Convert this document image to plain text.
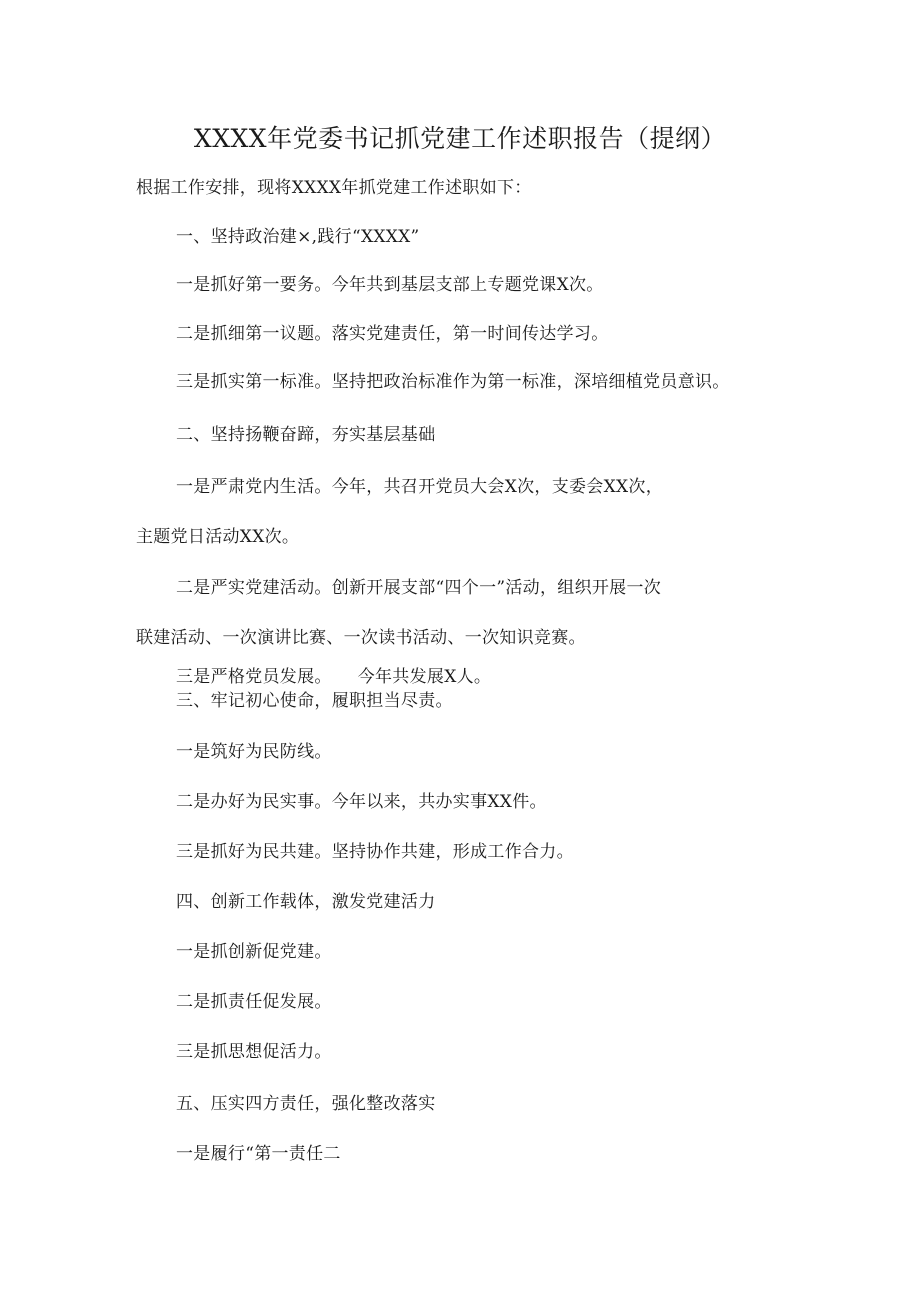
XXXX年党委书记抓党建工作述职报告（提纲）
根据工作安排，现将XXXX年抓党建工作述职如下：
一、坚持政治建×,践行“XXXX”
一是抓好第一要务。今年共到基层支部上专题党课X次。
二是抓细第一议题。落实党建责任，第一时间传达学习。
三是抓实第一标准。坚持把政治标准作为第一标准，深培细植党员意识。
二、坚持扬鞭奋蹄，夯实基层基础
一是严肃党内生活。今年，共召开党员大会X次，支委会XX次，
主题党日活动XX次。
二是严实党建活动。创新开展支部“四个一”活动，组织开展一次
联建活动、一次演讲比赛、一次读书活动、一次知识竞赛。
三是严格党员发展。 今年共发展X人。
三、牢记初心使命，履职担当尽责。
一是筑好为民防线。
二是办好为民实事。今年以来，共办实事XX件。
三是抓好为民共建。坚持协作共建，形成工作合力。
四、创新工作载体，激发党建活力
一是抓创新促党建。
二是抓责任促发展。
三是抓思想促活力。
五、压实四方责任，强化整改落实
一是履行“第一责任二
